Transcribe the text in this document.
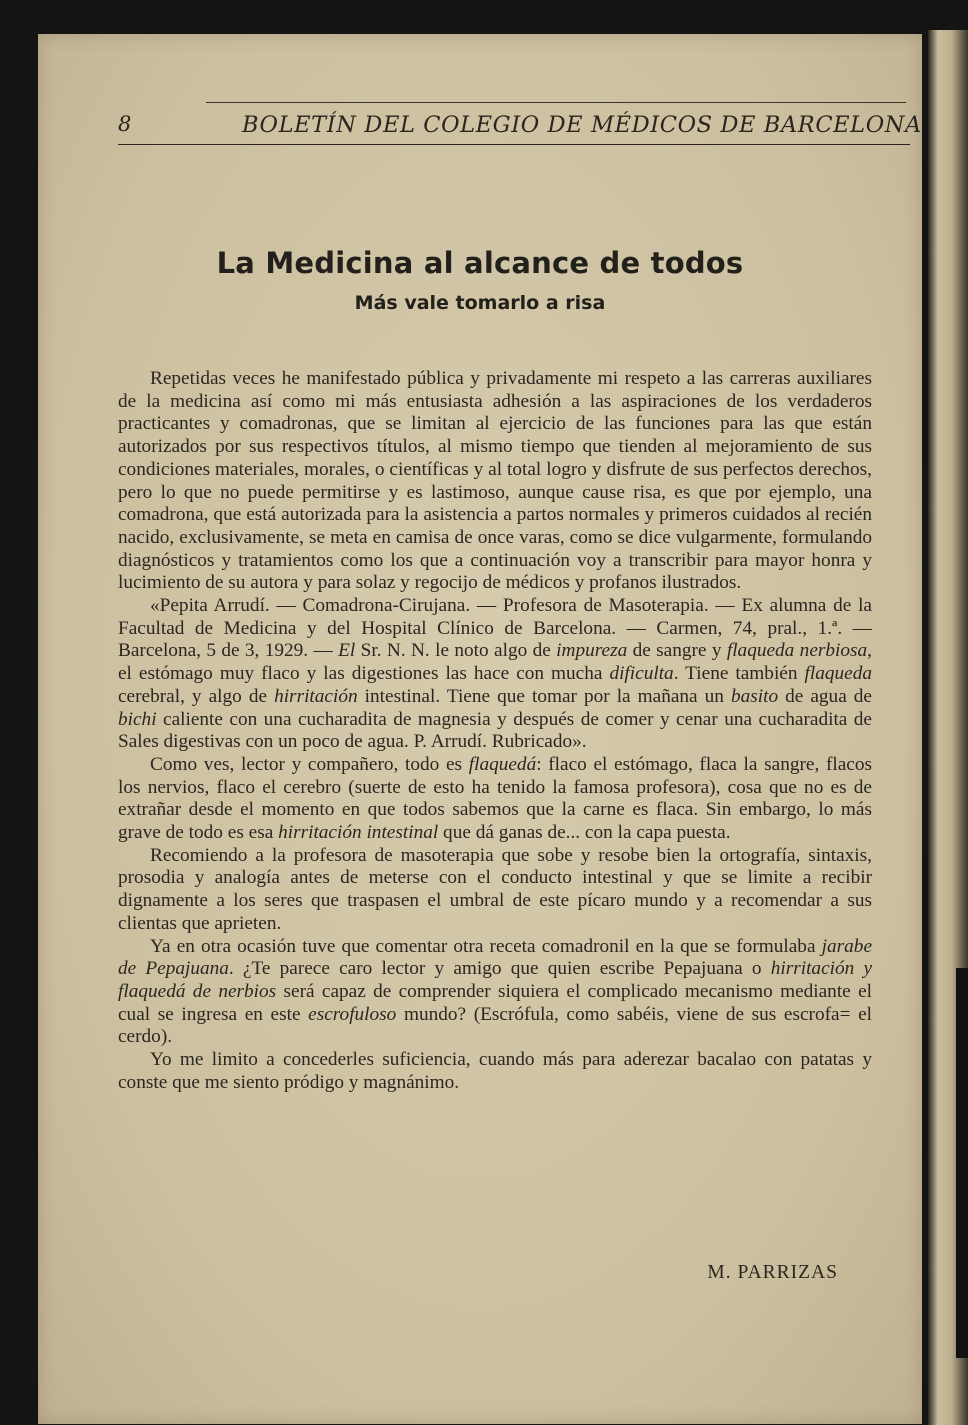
8	BOLETÍN DEL COLEGIO DE MÉDICOS DE BARCELONA
La Medicina al alcance de todos
Más vale tomarlo a risa

Repetidas veces he manifestado pública y privadamente mi respeto a las carreras auxiliares de la medicina así como mi más entusiasta adhesión a las aspiraciones de los verdaderos practicantes y comadronas, que se limitan al ejercicio de las funciones para las que están autorizados por sus respectivos títulos, al mismo tiempo que tienden al mejoramiento de sus condiciones materiales, morales, o científicas y al total logro y disfrute de sus perfectos derechos, pero lo que no puede permitirse y es lastimoso, aunque cause risa, es que por ejemplo, una comadrona, que está autorizada para la asistencia a partos normales y primeros cuidados al recién nacido, exclusivamente, se meta en camisa de once varas, como se dice vulgarmente, formulando diagnósticos y tratamientos como los que a continuación voy a transcribir para mayor honra y lucimiento de su autora y para solaz y regocijo de médicos y profanos ilustrados.

«Pepita Arrudí. — Comadrona-Cirujana. — Profesora de Masoterapia. — Ex alumna de la Facultad de Medicina y del Hospital Clínico de Barcelona. — Carmen, 74, pral., 1.ª. — Barcelona, 5 de 3, 1929. — El Sr. N. N. le noto algo de impureza de sangre y flaqueda nerbiosa, el estómago muy flaco y las digestiones las hace con mucha dificulta. Tiene también flaqueda cerebral, y algo de hirritación intestinal. Tiene que tomar por la mañana un basito de agua de bichi caliente con una cucharadita de magnesia y después de comer y cenar una cucharadita de Sales digestivas con un poco de agua. P. Arrudí. Rubricado».

Como ves, lector y compañero, todo es flaquedá: flaco el estómago, flaca la sangre, flacos los nervios, flaco el cerebro (suerte de esto ha tenido la famosa profesora), cosa que no es de extrañar desde el momento en que todos sabemos que la carne es flaca. Sin embargo, lo más grave de todo es esa hirritación intestinal que dá ganas de... con la capa puesta.

Recomiendo a la profesora de masoterapia que sobe y resobe bien la ortografía, sintaxis, prosodia y analogía antes de meterse con el conducto intestinal y que se limite a recibir dignamente a los seres que traspasen el umbral de este pícaro mundo y a recomendar a sus clientas que aprieten.

Ya en otra ocasión tuve que comentar otra receta comadronil en la que se formulaba jarabe de Pepajuana. ¿Te parece caro lector y amigo que quien escribe Pepajuana o hirritación y flaquedá de nerbios será capaz de comprender siquiera el complicado mecanismo mediante el cual se ingresa en este escrofuloso mundo? (Escrófula, como sabéis, viene de sus escrofa= el cerdo).

Yo me limito a concederles suficiencia, cuando más para aderezar bacalao con patatas y conste que me siento pródigo y magnánimo.

M. PARRIZAS
